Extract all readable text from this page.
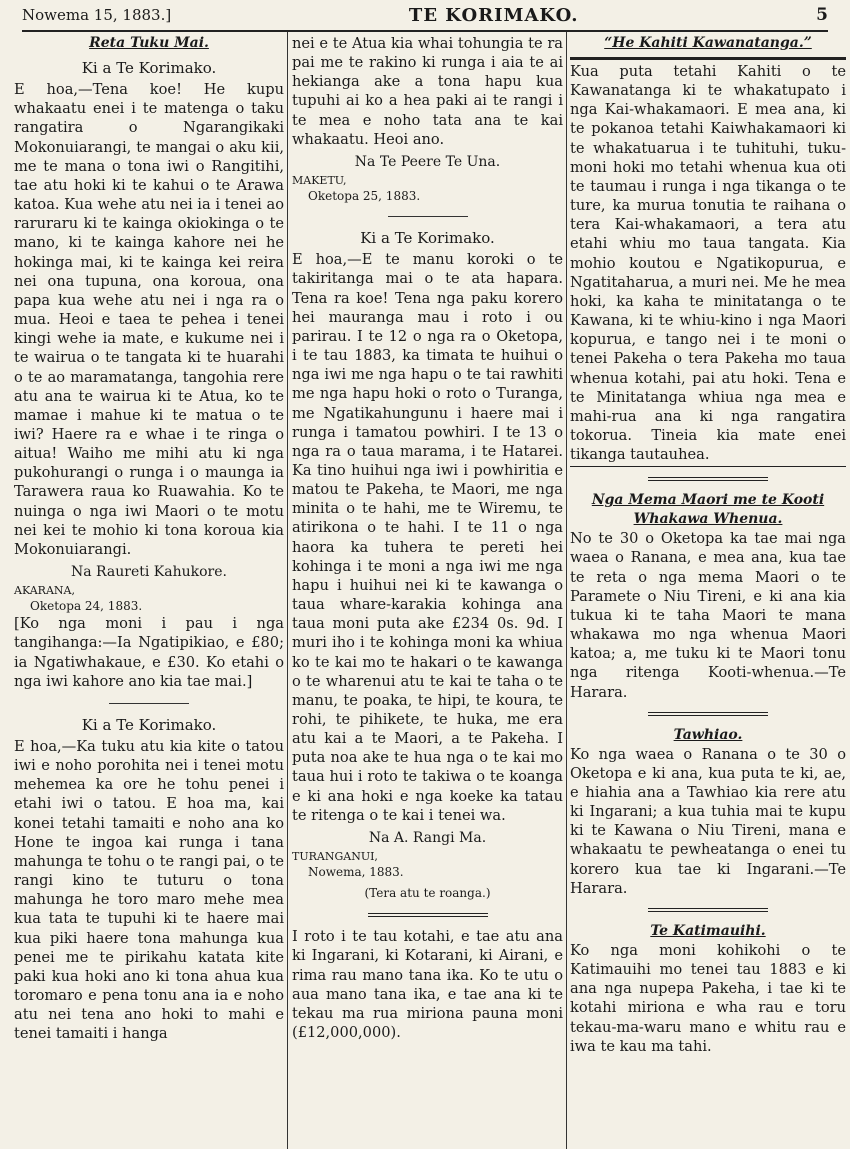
Nowema 15, 1883.]	TE KORIMAKO.	5
Reta Tuku Mai.
Ki a Te Korimako.

E hoa,—Tena koe! He kupu whakaatu enei i te matenga o taku rangatira o Ngarangikaki Mokonuiarangi, te mangai o aku kii, me te mana o tona iwi o Rangitihi, tae atu hoki ki te kahui o te Arawa katoa. Kua wehe atu nei ia i tenei ao raruraru ki te kainga okiokinga o te mano, ki te kainga kahore nei he hokinga mai, ki te kainga kei reira nei ona tupuna, ona koroua, ona papa kua wehe atu nei i nga ra o mua. Heoi e taea te pehea i tenei kingi wehe ia mate, e kukume nei i te wairua o te tangata ki te huarahi o te ao maramatanga, tangohia rere atu ana te wairua ki te Atua, ko te mamae i mahue ki te matua o te iwi? Haere ra e whae i te ringa o aitua! Waiho me mihi atu ki nga pukohurangi o runga i o maunga ia Tarawera raua ko Ruawahia. Ko te nuinga o nga iwi Maori o te motu nei kei te mohio ki tona koroua kia Mokonuiarangi.

Na Raureti Kahukore.

AKARANA,

Oketopa 24, 1883.

[Ko nga moni i pau i nga tangihanga:—Ia Ngatipikiao, e £80; ia Ngatiwhakaue, e £30. Ko etahi o nga iwi kahore ano kia tae mai.]

Ki a Te Korimako.

E hoa,—Ka tuku atu kia kite o tatou iwi e noho porohita nei i tenei motu mehemea ka ore he tohu penei i etahi iwi o tatou. E hoa ma, kai konei tetahi tamaiti e noho ana ko Hone te ingoa kai runga i tana mahunga te tohu o te rangi pai, o te rangi kino te tuturu o tona mahunga he toro maro mehe mea kua tata te tupuhi ki te haere mai kua piki haere tona mahunga kua penei me te pirikahu katata kite paki kua hoki ano ki tona ahua kua toromaro e pena tonu ana ia e noho atu nei tena ano hoki to mahi e tenei tamaiti i hanga

nei e te Atua kia whai tohungia te ra pai me te rakino ki runga i aia te ai hekianga ake a tona hapu kua tupuhi ai ko a hea paki ai te rangi i te mea e noho tata ana te kai whakaatu. Heoi ano.

Na Te Peere Te Una.

MAKETU,

Oketopa 25, 1883.

Ki a Te Korimako.

E hoa,—E te manu koroki o te takiritanga mai o te ata hapara. Tena ra koe! Tena nga paku korero hei mauranga mau i roto i ou parirau. I te 12 o nga ra o Oketopa, i te tau 1883, ka timata te huihui o nga iwi me nga hapu o te tai rawhiti me nga hapu hoki o roto o Turanga, me Ngatikahungunu i haere mai i runga i tamatou powhiri. I te 13 o nga ra o taua marama, i te Hatarei. Ka tino huihui nga iwi i powhiritia e matou te Pakeha, te Maori, me nga minita o te hahi, me te Wiremu, te atirikona o te hahi. I te 11 o nga haora ka tuhera te pereti hei kohinga i te moni a nga iwi me nga hapu i huihui nei ki te kawanga o taua whare-karakia kohinga ana taua moni puta ake £234 0s. 9d. I muri iho i te kohinga moni ka whiua ko te kai mo te hakari o te kawanga o te wharenui atu te kai te taha o te manu, te poaka, te hipi, te koura, te rohi, te pihikete, te huka, me era atu kai a te Maori, a te Pakeha. I puta noa ake te hua nga o te kai mo taua hui i roto te takiwa o te koanga e ki ana hoki e nga koeke ka tatau te ritenga o te kai i tenei wa.

Na A. Rangi Ma.

TURANGANUI,

Nowema, 1883.

(Tera atu te roanga.)

I roto i te tau kotahi, e tae atu ana ki Ingarani, ki Kotarani, ki Airani, e rima rau mano tana ika. Ko te utu o aua mano tana ika, e tae ana ki te tekau ma rua miriona pauna moni (£12,000,000).

“He Kahiti Kawanatanga.”

Kua puta tetahi Kahiti o te Kawanatanga ki te whakatupato i nga Kai-whakamaori. E mea ana, ki te pokanoa tetahi Kaiwhakamaori ki te whakatuarua i te tuhituhi, tuku-moni hoki mo tetahi whenua kua oti te taumau i runga i nga tikanga o te ture, ka murua tonutia te raihana o tera Kai-whakamaori, a tera atu etahi whiu mo taua tangata. Kia mohio koutou e Ngatikopurua, e Ngatitaharua, a muri nei. Me he mea hoki, ka kaha te minitatanga o te Kawana, ki te whiu-kino i nga Maori kopurua, e tango nei i te moni o tenei Pakeha o tera Pakeha mo taua whenua kotahi, pai atu hoki. Tena e te Minitatanga whiua nga mea e mahi-rua ana ki nga rangatira tokorua. Tineia kia mate enei tikanga tautauhea.

Nga Mema Maori me te Kooti Whakawa Whenua.

No te 30 o Oketopa ka tae mai nga waea o Ranana, e mea ana, kua tae te reta o nga mema Maori o te Paramete o Niu Tireni, e ki ana kia tukua ki te taha Maori te mana whakawa mo nga whenua Maori katoa; a, me tuku ki te Maori tonu nga ritenga Kooti-whenua.—Te Harara.

Tawhiao.

Ko nga waea o Ranana o te 30 o Oketopa e ki ana, kua puta te ki, ae, e hiahia ana a Tawhiao kia rere atu ki Ingarani; a kua tuhia mai te kupu ki te Kawana o Niu Tireni, mana e whakaatu te pewheatanga o enei tu korero kua tae ki Ingarani.—Te Harara.

Te Katimauihi.

Ko nga moni kohikohi o te Katimauihi mo tenei tau 1883 e ki ana nga nupepa Pakeha, i tae ki te kotahi miriona e wha rau e toru tekau-ma-waru mano e whitu rau e iwa te kau ma tahi.
